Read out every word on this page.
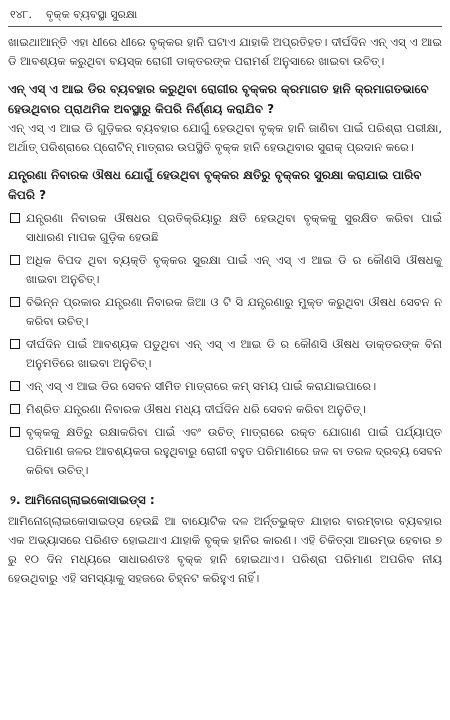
୧୪୮. ବୃକ୍କ ବ୍ୟବସ୍ଥା ସୁରକ୍ଷା

ଖାଇଥାଆନ୍ତି ଏହା ଧୀରେ ଧୀରେ ବୃକ୍କର ହାନି ଘଟାଏ ଯାହାକି ଅପ୍ରତିହତ। ଦୀର୍ଘଦିନ ଏନ୍ ଏସ୍ ଏ ଆଇ ଡି ଆବଶ୍ୟକ କରୁଥିବା ବୟସ୍କ ରୋଗୀ ଡାକ୍ତରଙ୍କ ପରାମର୍ଶ ଅନୁସାରେ ଖାଇବା ଉଚିତ୍।

ଏନ୍ ଏସ୍ ଏ ଆଇ ଡିର ବ୍ୟବହାର କରୁଥିବା ରୋଗୀର ବୃକ୍କର କ୍ରମାଗତ ହାନି କ୍ରମାଗତଭାବେ ହେଉଥିବାର ପ୍ରାଥମିକ ଅବସ୍ଥାରୁ କିପରି ନିର୍ଣ୍ଣୟ କରାଯିବ ?

ଏନ୍ ଏସ୍ ଏ ଆଇ ଡି ଗୁଡ଼ିକର ବ୍ୟବହାର ଯୋଗୁଁ ହେଉଥିବା ବୃକ୍କ ହାନି ଜାଣିବା ପାଇଁ ପରିଶ୍ରା ପରୀକ୍ଷା, ଅର୍ଥାତ୍ ପରିଶ୍ରାରେ ପ୍ରୋଟିନ୍ ମାତ୍ରାର ଉପସ୍ଥିତି ବୃକ୍କ ହାନି ହେଉଥିବାର ସୁରାକ୍ ପ୍ରଦାନ କରେ।

ଯନ୍ତ୍ରଣା ନିବାରକ ଔଷଧ ଯୋଗୁଁ ହେଉଥିବା ବୃକ୍କର କ୍ଷତିରୁ ବୃକ୍କର ସୁରକ୍ଷା କରାଯାଇ ପାରିବ କିପରି ?

ଯନ୍ତ୍ରଣା ନିବାରକ ଔଷଧର ପ୍ରତିକ୍ରିୟାରୁ କ୍ଷତି ହେଉଥିବା ବୃକ୍କକୁ ସୁରକ୍ଷିତ କରିବା ପାଇଁ ସାଧାରଣ ମାପକ ଗୁଡ଼ିକ ହେଉଛି
ଅଧିକ ବିପଦ ଥିବା ବ୍ୟକ୍ତି ବୃକ୍କର ସୁରକ୍ଷା ପାଇଁ ଏନ୍ ଏସ୍ ଏ ଆଇ ଡି ର କୌଣସି ଔଷଧକୁ ଖାଇବା ଅନୁଚିତ୍।
ବିଭିନ୍ନ ପ୍ରକାର ଯନ୍ତ୍ରଣା ନିବାରକ ଜିଆ ଓ ଟି ସି ଯନ୍ତ୍ରଣାରୁ ମୁକ୍ତ କରୁଥିବା ଔଷଧ ସେବନ ନ କରିବା ଉଚିତ୍।
ଦୀର୍ଘଦିନ ପାଇଁ ଆବଶ୍ୟକ ପଡୁଥିବା ଏନ୍ ଏସ୍ ଏ ଆଇ ଡି ର କୌଣସି ଔଷଧ ଡାକ୍ତରଙ୍କ ବିନା ଅନୁମତିରେ ଖାଇବା ଅନୁଚିତ୍।
ଏନ୍ ଏସ୍ ଏ ଆଇ ଡିର ସେବନ ସୀମିତ ମାତ୍ରାରେ କମ୍ ସମୟ ପାଇଁ କରାଯାଇପାରେ।
ମିଶ୍ରିତ ଯନ୍ତ୍ରଣା ନିବାରକ ଔଷଧ ମଧ୍ୟ ଦୀର୍ଘଦିନ ଧରି ସେବନ କରିବା ଅନୁଚିତ୍।
ବୃକ୍କକୁ କ୍ଷତିରୁ ରକ୍ଷାକରିବା ପାଇଁ ଏବଂ ଉଚିତ୍ ମାତ୍ରାରେ ରକ୍ତ ଯୋଗାଣ ପାଇଁ ପର୍ଯ୍ୟାପ୍ତ ପରିମାଣ ଜଳର ଆବଶ୍ୟକତା ରହୁଥିବାରୁ ରୋଗୀ ବହୁତ ପରିମାଣରେ ଜଳ ବା ତରଳ ଦ୍ରବ୍ୟ ସେବନ କରିବା ଉଚିତ୍।

୨. ଆମିନୋଗ୍ଲାଇକୋସାଇଡ୍ସ :

ଆମିନୋଗ୍ଲାଇକୋସାଇଡ୍ସ ହେଉଛି ଆ ବାୟୋଟିକ ଦଳ ଅର୍ନ୍ତଭୁକ୍ତ ଯାହାର ବାରମ୍ବାର ବ୍ୟବହାର ଏକ ଅଭ୍ୟାସରେ ପରିଣତ ହୋଇଥାଏ ଯାହାକି ବୃକ୍କ ହାନିର କାରଣ। ଏହି ଚିକିତ୍ସା ଆରମ୍ଭ ହେବାର ୭ ରୁ ୧୦ ଦିନ ମଧ୍ୟରେ ସାଧାରଣତଃ ବୃକ୍କ ହାନି ହୋଇଥାଏ। ପରିଶ୍ରା ପରିମାଣ ଅପରିବ ନୀୟ ହେଉଥିବାରୁ ଏହି ସମସ୍ୟାକୁ ସହଜରେ ଚିହ୍ନଟ କରିହୁଏ ନାହିଁ।
